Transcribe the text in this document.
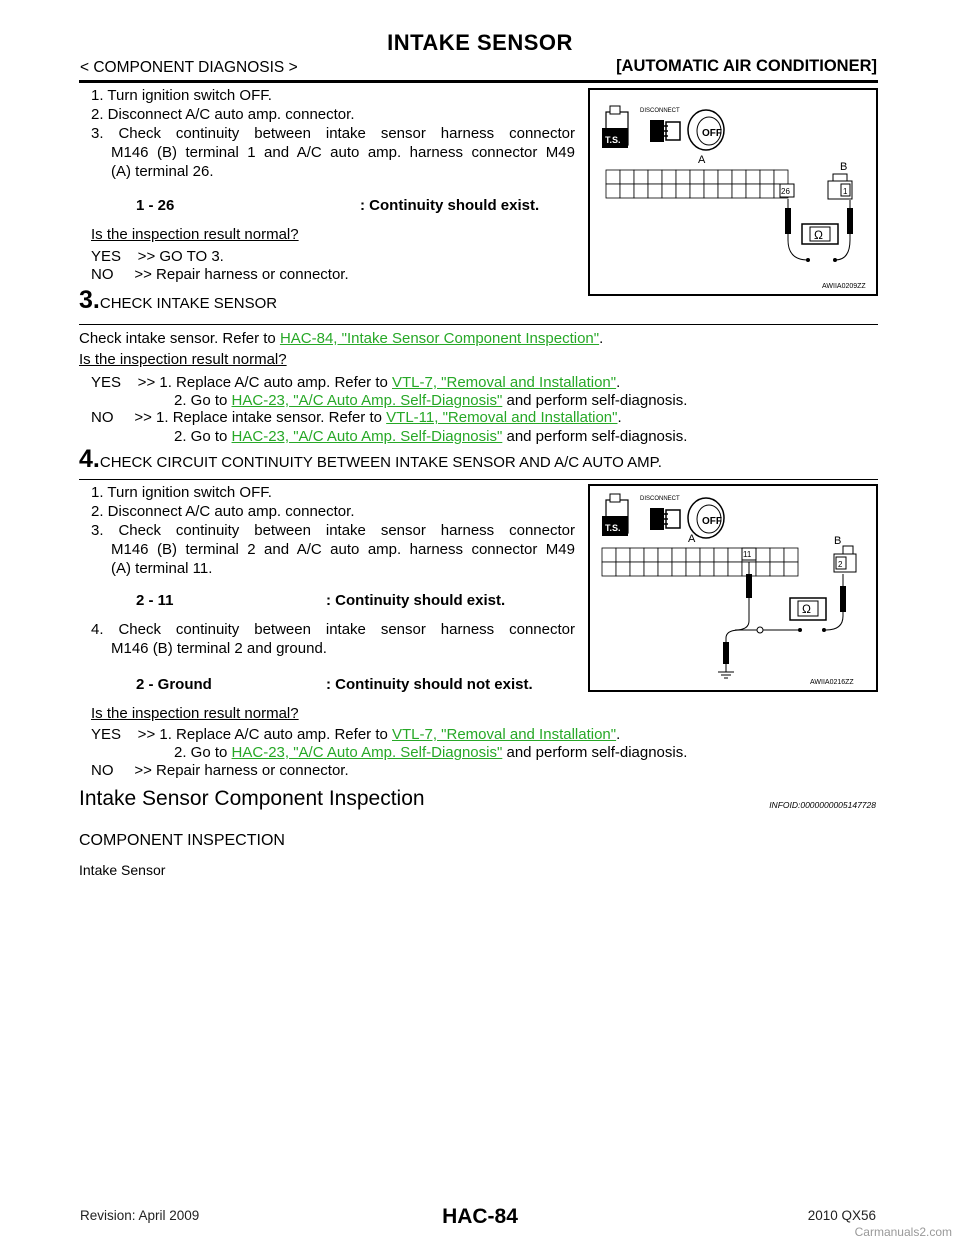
INTAKE SENSOR
< COMPONENT DIAGNOSIS >	[AUTOMATIC AIR CONDITIONER]
1. Turn ignition switch OFF.
2. Disconnect A/C auto amp. connector.
3. Check continuity between intake sensor harness connector
M146 (B) terminal 1 and A/C auto amp. harness connector M49
(A) terminal 26.
1 - 26	: Continuity should exist.
Is the inspection result normal?
YES    >> GO TO 3.
NO     >> Repair harness or connector.
T.S.
DISCONNECT
OFF
A
B
1
26
Ω
AWIIA0209ZZ
3.CHECK INTAKE SENSOR
Check intake sensor. Refer to HAC-84, "Intake Sensor Component Inspection".
Is the inspection result normal?
YES    >> 1. Replace A/C auto amp. Refer to VTL-7, "Removal and Installation".
2. Go to HAC-23, "A/C Auto Amp. Self-Diagnosis" and perform self-diagnosis.
NO     >> 1. Replace intake sensor. Refer to VTL-11, "Removal and Installation".
2. Go to HAC-23, "A/C Auto Amp. Self-Diagnosis" and perform self-diagnosis.
4.CHECK CIRCUIT CONTINUITY BETWEEN INTAKE SENSOR AND A/C AUTO AMP.
1. Turn ignition switch OFF.
2. Disconnect A/C auto amp. connector.
3. Check continuity between intake sensor harness connector
M146 (B) terminal 2 and A/C auto amp. harness connector M49
(A) terminal 11.
2 - 11	: Continuity should exist.
4. Check continuity between intake sensor harness connector
M146 (B) terminal 2 and ground.
2 - Ground	: Continuity should not exist.
Is the inspection result normal?
YES    >> 1. Replace A/C auto amp. Refer to VTL-7, "Removal and Installation".
2. Go to HAC-23, "A/C Auto Amp. Self-Diagnosis" and perform self-diagnosis.
NO     >> Repair harness or connector.
T.S.
DISCONNECT
OFF
A	B
2
11
Ω
AWIIA0216ZZ
Intake Sensor Component Inspection	INFOID:0000000005147728
COMPONENT INSPECTION
Intake Sensor
Revision: April 2009	HAC-84	2010 QX56
Carmanuals2.com
